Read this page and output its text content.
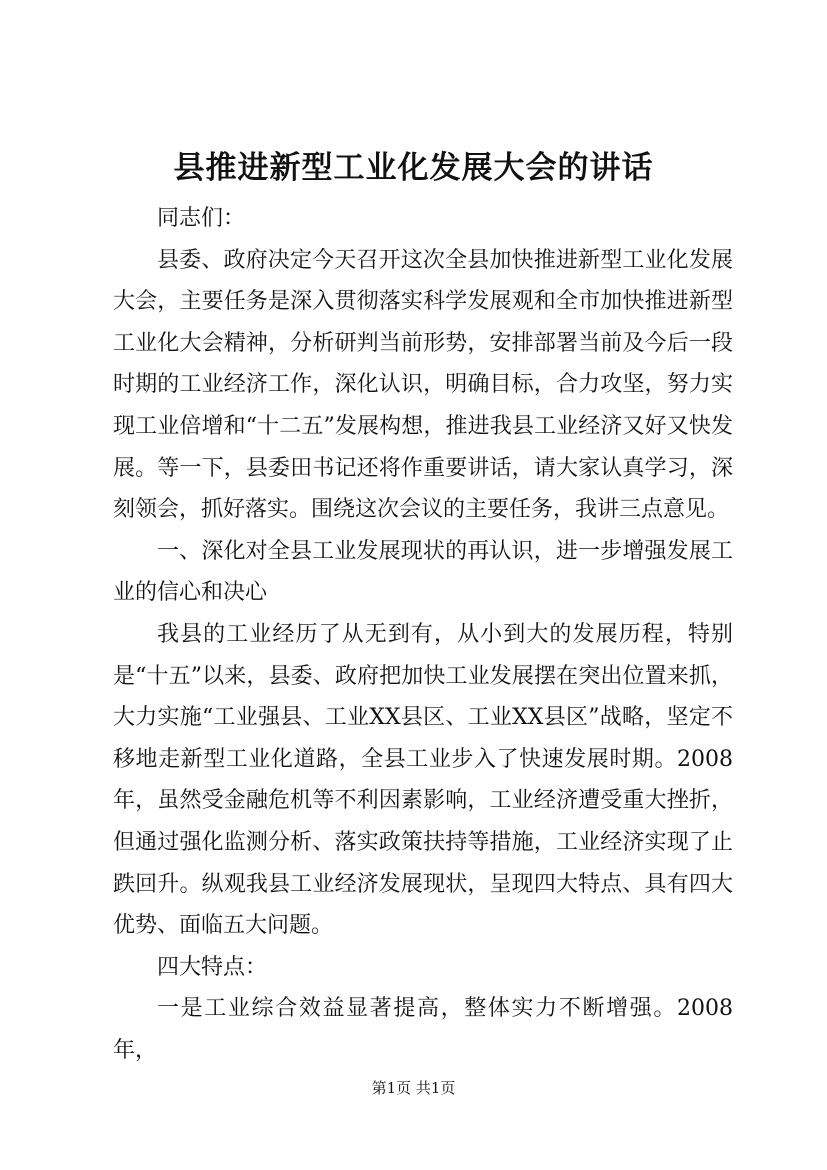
县推进新型工业化发展大会的讲话

同志们：

县委、政府决定今天召开这次全县加快推进新型工业化发展大会，主要任务是深入贯彻落实科学发展观和全市加快推进新型工业化大会精神，分析研判当前形势，安排部署当前及今后一段时期的工业经济工作，深化认识，明确目标，合力攻坚，努力实现工业倍增和“十二五”发展构想，推进我县工业经济又好又快发展。等一下，县委田书记还将作重要讲话，请大家认真学习，深刻领会，抓好落实。围绕这次会议的主要任务，我讲三点意见。

一、深化对全县工业发展现状的再认识，进一步增强发展工业的信心和决心

我县的工业经历了从无到有，从小到大的发展历程，特别是“十五”以来，县委、政府把加快工业发展摆在突出位置来抓，大力实施“工业强县、工业XX县区、工业XX县区”战略，坚定不移地走新型工业化道路，全县工业步入了快速发展时期。2008年，虽然受金融危机等不利因素影响，工业经济遭受重大挫折，但通过强化监测分析、落实政策扶持等措施，工业经济实现了止跌回升。纵观我县工业经济发展现状，呈现四大特点、具有四大优势、面临五大问题。

四大特点：

一是工业综合效益显著提高，整体实力不断增强。2008年，

第1页 共1页
